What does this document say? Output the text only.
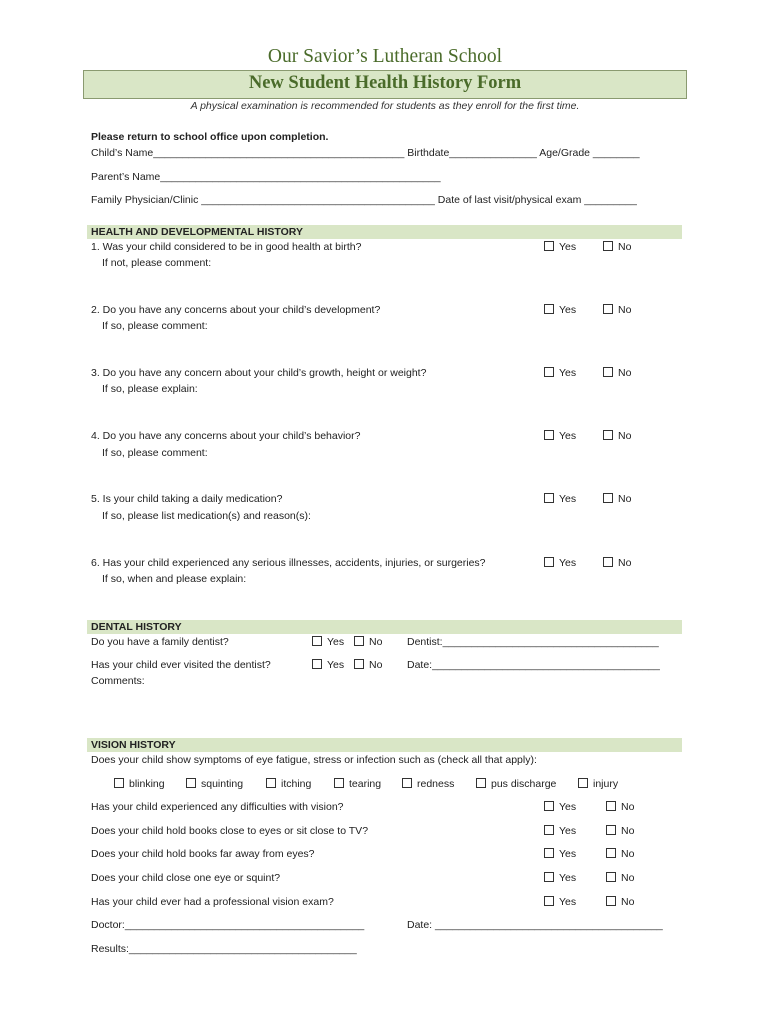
Our Savior’s Lutheran School
New Student Health History Form
A physical examination is recommended for students as they enroll for the first time.
Please return to school office upon completion.
Child’s Name___________________________________________ Birthdate_______________ Age/Grade ________
Parent’s Name________________________________________________
Family Physician/Clinic ________________________________________ Date of last visit/physical exam _________
HEALTH AND DEVELOPMENTAL HISTORY
1. Was your child considered to be in good health at birth?
If not, please comment:
Yes	No
2. Do you have any concerns about your child’s development?
If so, please comment:
Yes	No
3. Do you have any concern about your child’s growth, height or weight?
If so, please explain:
Yes	No
4. Do you have any concerns about your child’s behavior?
If so, please comment:
Yes	No
5. Is your child taking a daily medication?
If so, please list medication(s) and reason(s):
Yes	No
6. Has your child experienced any serious illnesses, accidents, injuries, or surgeries?
If so, when and please explain:
Yes	No
DENTAL HISTORY
Do you have a family dentist?	Yes	No Dentist:_____________________________________
Has your child ever visited the dentist?	Yes	No Date:_______________________________________
Comments:
VISION HISTORY
Does your child show symptoms of eye fatigue, stress or infection such as (check all that apply):
blinking	squinting	itching	tearing	redness	pus discharge	injury
Has your child experienced any difficulties with vision?	Yes	No
Does your child hold books close to eyes or sit close to TV?	Yes	No
Does your child hold books far away from eyes?	Yes	No
Does your child close one eye or squint?	Yes	No
Has your child ever had a professional vision exam?	Yes	No
Doctor:_________________________________________	Date: _______________________________________
Results:_______________________________________
